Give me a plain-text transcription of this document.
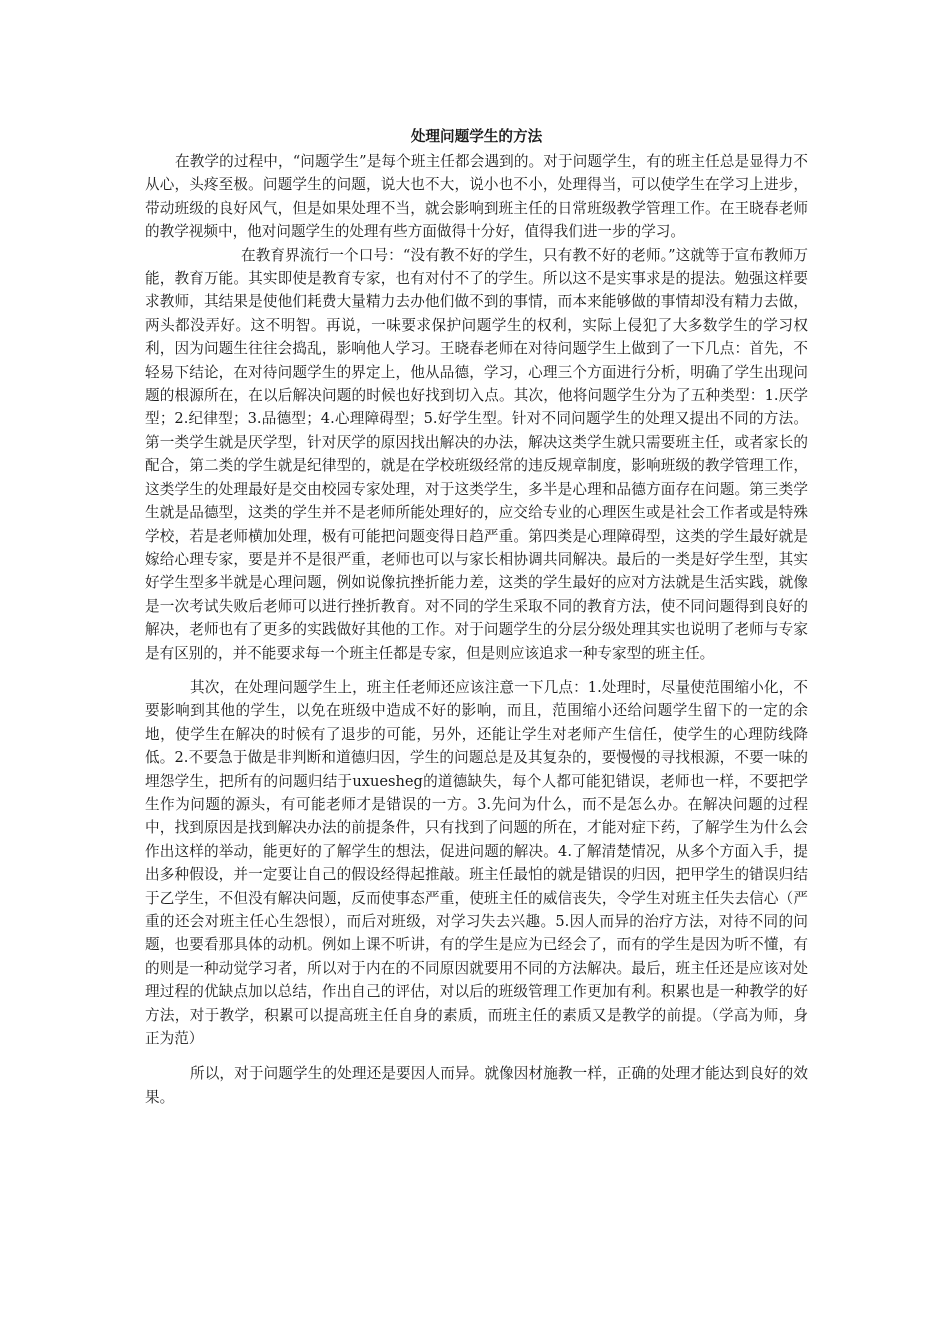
处理问题学生的方法

在教学的过程中，“问题学生”是每个班主任都会遇到的。对于问题学生，有的班主任总是显得力不从心，头疼至极。问题学生的问题，说大也不大，说小也不小，处理得当，可以使学生在学习上进步，带动班级的良好风气，但是如果处理不当，就会影响到班主任的日常班级教学管理工作。在王晓春老师的教学视频中，他对问题学生的处理有些方面做得十分好，值得我们进一步的学习。

在教育界流行一个口号：“没有教不好的学生，只有教不好的老师。”这就等于宣布教师万能，教育万能。其实即使是教育专家，也有对付不了的学生。所以这不是实事求是的提法。勉强这样要求教师，其结果是使他们耗费大量精力去办他们做不到的事情，而本来能够做的事情却没有精力去做，两头都没弄好。这不明智。再说，一味要求保护问题学生的权利，实际上侵犯了大多数学生的学习权利，因为问题生往往会捣乱，影响他人学习。王晓春老师在对待问题学生上做到了一下几点：首先，不轻易下结论，在对待问题学生的界定上，他从品德，学习，心理三个方面进行分析，明确了学生出现问题的根源所在，在以后解决问题的时候也好找到切入点。其次，他将问题学生分为了五种类型：1.厌学型；2.纪律型；3.品德型；4.心理障碍型；5.好学生型。针对不同问题学生的处理又提出不同的方法。第一类学生就是厌学型，针对厌学的原因找出解决的办法，解决这类学生就只需要班主任，或者家长的配合，第二类的学生就是纪律型的，就是在学校班级经常的违反规章制度，影响班级的教学管理工作，这类学生的处理最好是交由校园专家处理，对于这类学生，多半是心理和品德方面存在问题。第三类学生就是品德型，这类的学生并不是老师所能处理好的，应交给专业的心理医生或是社会工作者或是特殊学校，若是老师横加处理，极有可能把问题变得日趋严重。第四类是心理障碍型，这类的学生最好就是嫁给心理专家，要是并不是很严重，老师也可以与家长相协调共同解决。最后的一类是好学生型，其实好学生型多半就是心理问题，例如说像抗挫折能力差，这类的学生最好的应对方法就是生活实践，就像是一次考试失败后老师可以进行挫折教育。对不同的学生采取不同的教育方法，使不同问题得到良好的解决，老师也有了更多的实践做好其他的工作。对于问题学生的分层分级处理其实也说明了老师与专家是有区别的，并不能要求每一个班主任都是专家，但是则应该追求一种专家型的班主任。

其次，在处理问题学生上，班主任老师还应该注意一下几点：1.处理时，尽量使范围缩小化，不要影响到其他的学生，以免在班级中造成不好的影响，而且，范围缩小还给问题学生留下的一定的余地，使学生在解决的时候有了退步的可能，另外，还能让学生对老师产生信任，使学生的心理防线降低。2.不要急于做是非判断和道德归因，学生的问题总是及其复杂的，要慢慢的寻找根源，不要一味的埋怨学生，把所有的问题归结于uxuesheg的道德缺失，每个人都可能犯错误，老师也一样，不要把学生作为问题的源头，有可能老师才是错误的一方。3.先问为什么，而不是怎么办。在解决问题的过程中，找到原因是找到解决办法的前提条件，只有找到了问题的所在，才能对症下药，了解学生为什么会作出这样的举动，能更好的了解学生的想法，促进问题的解决。4.了解清楚情况，从多个方面入手，提出多种假设，并一定要让自己的假设经得起推敲。班主任最怕的就是错误的归因，把甲学生的错误归结于乙学生，不但没有解决问题，反而使事态严重，使班主任的威信丧失，令学生对班主任失去信心（严重的还会对班主任心生怨恨），而后对班级，对学习失去兴趣。5.因人而异的治疗方法，对待不同的问题，也要看那具体的动机。例如上课不听讲，有的学生是应为已经会了，而有的学生是因为听不懂，有的则是一种动觉学习者，所以对于内在的不同原因就要用不同的方法解决。最后，班主任还是应该对处理过程的优缺点加以总结，作出自己的评估，对以后的班级管理工作更加有利。积累也是一种教学的好方法，对于教学，积累可以提高班主任自身的素质，而班主任的素质又是教学的前提。（学高为师，身正为范）

所以，对于问题学生的处理还是要因人而异。就像因材施教一样，正确的处理才能达到良好的效果。
